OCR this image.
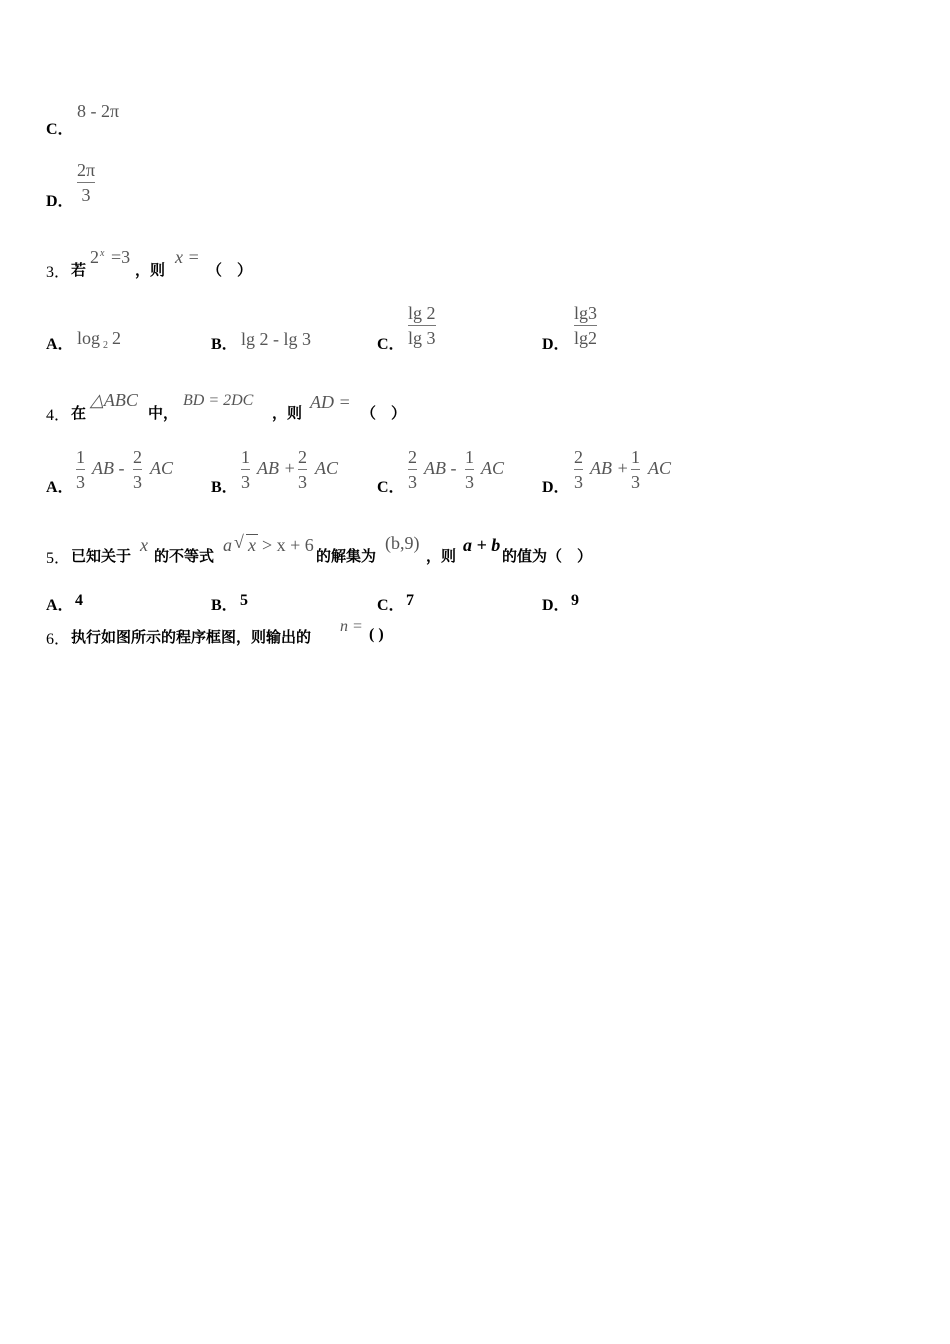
C．
8 - 2π
D．
2π
3
3． 若
2 x =3
，则
x =
（　）
A． log 2 2	B． lg 2 - lg 3	C．
lg 2
lg 3	D．
lg3
lg2
4． 在
△ABC
中，
BD = 2DC
，则
AD =
（　）
A．
1
3
AB -
2
3
AC
B．
1
3
AB +
2
3
AC
C．
2
3
AB -
1
3
AC
D．
2
3
AB +
1
3
AC
5． 已知关于
x
的不等式
a √ x > x + 6
的解集为
(b,9)
，则
a + b
的值为（　）
A． 4	B． 5	C． 7	D． 9
6． 执行如图所示的程序框图，则输出的
n = ( )
